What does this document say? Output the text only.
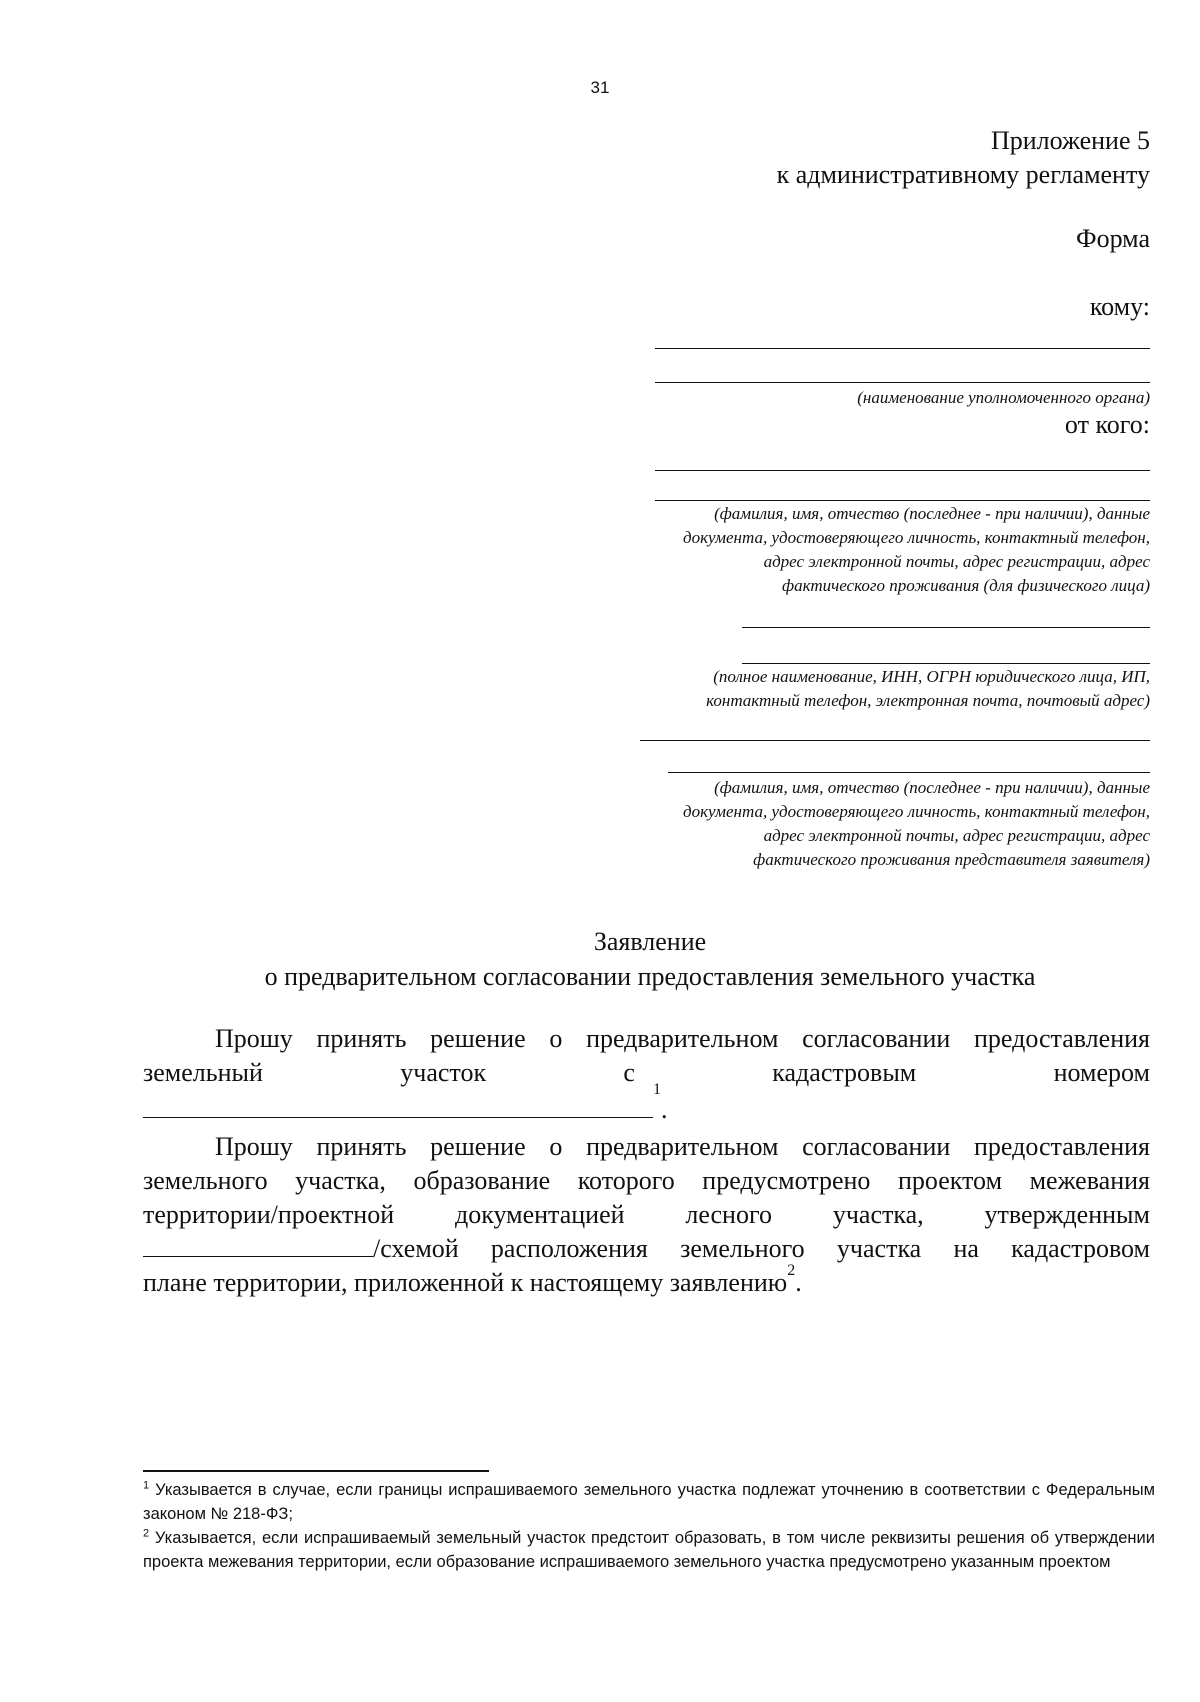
31
Приложение 5
к административному регламенту
Форма
кому:
(наименование уполномоченного органа)
от кого:
(фамилия, имя, отчество (последнее - при наличии), данные
документа, удостоверяющего личность, контактный телефон,
адрес электронной почты, адрес регистрации, адрес
фактического проживания (для физического лица)
(полное наименование, ИНН, ОГРН юридического лица, ИП,
контактный телефон, электронная почта, почтовый адрес)
(фамилия, имя, отчество (последнее - при наличии), данные
документа, удостоверяющего личность, контактный телефон,
адрес электронной почты, адрес регистрации, адрес
фактического проживания представителя заявителя)
Заявление
о предварительном согласовании предоставления земельного участка
Прошу принять решение о предварительном согласовании предоставления
земельный	участок	с	кадастровым	номером
$^1$.
Прошу принять решение о предварительном согласовании предоставления
земельного участка, образование которого предусмотрено проектом межевания
территории/проектной документацией лесного участка, утвержденным
/схемой расположения земельного участка на кадастровом
плане территории, приложенной к настоящему заявлению$^2$.
$^1$ Указывается в случае, если границы испрашиваемого земельного участка подлежат уточнению в соответствии с Федеральным законом № 218-ФЗ;
$^2$ Указывается, если испрашиваемый земельный участок предстоит образовать, в том числе реквизиты решения об утверждении проекта межевания территории, если образование испрашиваемого земельного участка предусмотрено указанным проектом
